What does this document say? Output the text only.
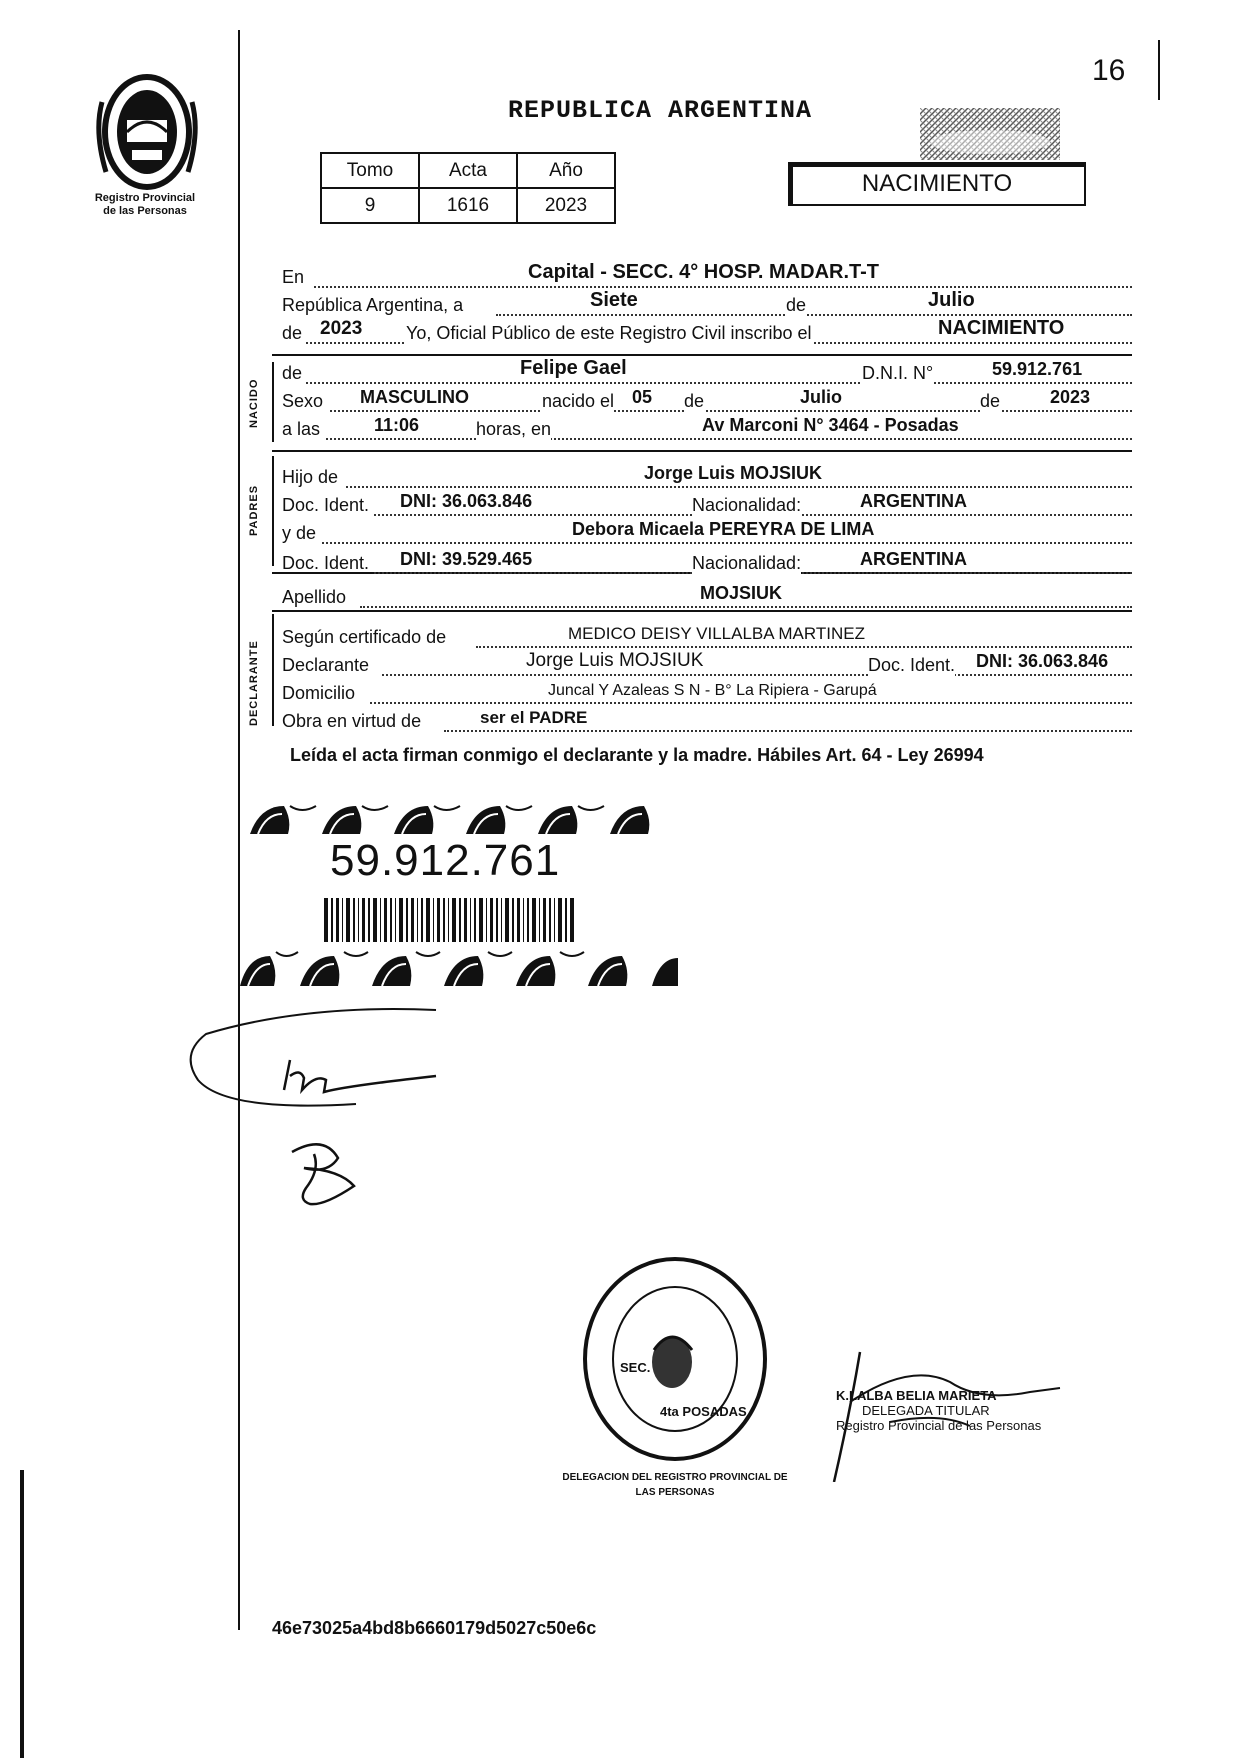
Registro Provincial
de las Personas
REPUBLICA ARGENTINA
16
Tomo	Acta	Año
9	1616	2023
NACIMIENTO
NACIDO
PADRES
DECLARANTE
En	Capital - SECC. 4° HOSP. MADAR.T-T
República Argentina, a	Siete	de	Julio
de 2023 Yo, Oficial Público de este Registro Civil inscribo el	NACIMIENTO
de	Felipe Gael	D.N.I. N°	59.912.761
Sexo MASCULINO	nacido el 05 de	Julio	de	2023
a las	11:06	horas, en	Av Marconi N° 3464 - Posadas
Hijo de	Jorge Luis MOJSIUK
Doc. Ident. DNI: 36.063.846	Nacionalidad:	ARGENTINA
y de	Debora Micaela PEREYRA DE LIMA
Doc. Ident. DNI: 39.529.465	Nacionalidad:	ARGENTINA
Apellido	MOJSIUK
Según certificado de	MEDICO DEISY VILLALBA MARTINEZ
Declarante	Jorge Luis MOJSIUK	Doc. Ident. DNI: 36.063.846
Domicilio	Juncal Y Azaleas S N - B° La Ripiera - Garupá
Obra en virtud de	ser el PADRE
Leída el acta firman conmigo el declarante y la madre. Hábiles Art. 64 - Ley 26994
59.912.761
DELEGACION DEL REGISTRO PROVINCIAL DE LAS PERSONAS
SEC.
4ta POSADAS
K.LALBA BELIA MARIETA
DELEGADA TITULAR
Registro Provincial de las Personas
46e73025a4bd8b6660179d5027c50e6c
